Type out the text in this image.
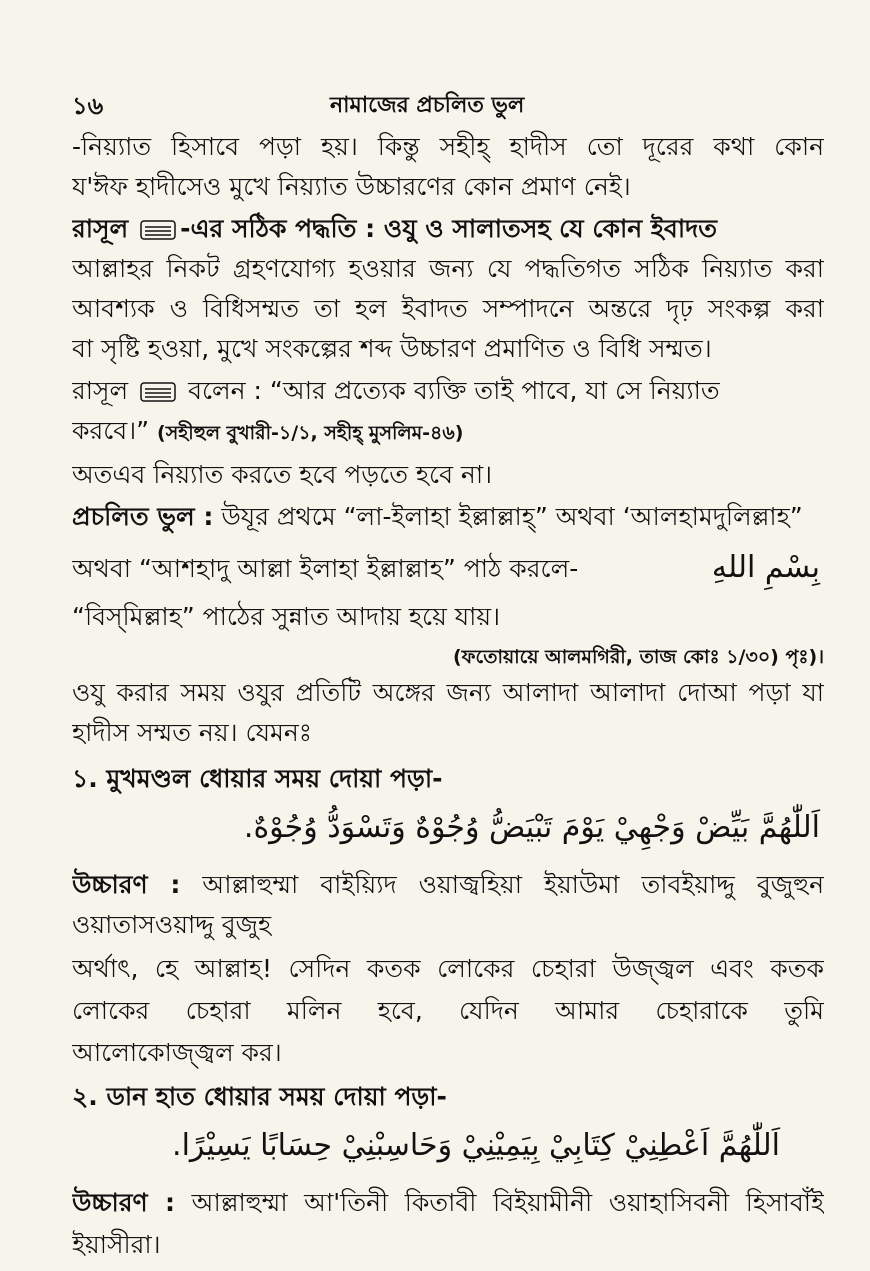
১৬	নামাজের প্রচলিত ভুল
-নিয়্যাত হিসাবে পড়া হয়। কিন্তু সহীহ্ হাদীস তো দূরের কথা কোন
য'ঈফ হাদীসেও মুখে নিয়্যাত উচ্চারণের কোন প্রমাণ নেই।
রাসূল -এর সঠিক পদ্ধতি : ওযু ও সালাতসহ যে কোন ইবাদত
আল্লাহর নিকট গ্রহণযোগ্য হওয়ার জন্য যে পদ্ধতিগত সঠিক নিয়্যাত করা
আবশ্যক ও বিধিসম্মত তা হল ইবাদত সম্পাদনে অন্তরে দৃঢ় সংকল্প করা
বা সৃষ্টি হওয়া, মুখে সংকল্পের শব্দ উচ্চারণ প্রমাণিত ও বিধি সম্মত।
রাসূল বলেন : “আর প্রত্যেক ব্যক্তি তাই পাবে, যা সে নিয়্যাত
করবে।” (সহীহুল বুখারী-১/১, সহীহ্ মুসলিম-৪৬)
অতএব নিয়্যাত করতে হবে পড়তে হবে না।
প্রচলিত ভুল : উযূর প্রথমে “লা-ইলাহা ইল্লাল্লাহ্” অথবা ‘আলহামদুলিল্লাহ”
অথবা “আশহাদু আল্লা ইলাহা ইল্লাল্লাহ” পাঠ করলে-	بِسْمِ اللهِ
“বিস্‌মিল্লাহ” পাঠের সুন্নাত আদায় হয়ে যায়।
(ফতোয়ায়ে আলমগিরী, তাজ কোঃ ১/৩০) পৃঃ)।
ওযু করার সময় ওযুর প্রতিটি অঙ্গের জন্য আলাদা আলাদা দোআ পড়া যা
হাদীস সম্মত নয়। যেমনঃ
১. মুখমণ্ডল ধোয়ার সময় দোয়া পড়া-
اَللّٰهُمَّ بَيِّضْ وَجْهِيْ يَوْمَ تَبْيَضُّ وُجُوْهٌ وَتَسْوَدُّ وُجُوْهٌ.
উচ্চারণ : আল্লাহুম্মা বাইয়্যিদ ওয়াজ্বহিয়া ইয়াউমা তাবইয়াদ্দু বুজুহুন
ওয়াতাসওয়াদ্দু বুজুহ
অর্থাৎ, হে আল্লাহ! সেদিন কতক লোকের চেহারা উজ্জ্বল এবং কতক
লোকের চেহারা মলিন হবে, যেদিন আমার চেহারাকে তুমি
আলোকোজ্জ্বল কর।
২. ডান হাত ধোয়ার সময় দোয়া পড়া-
اَللّٰهُمَّ اَعْطِنِيْ كِتَابِيْ بِيَمِيْنِيْ وَحَاسِبْنِيْ حِسَابًا يَسِيْرًا.
উচ্চারণ : আল্লাহুম্মা আ'তিনী কিতাবী বিইয়ামীনী ওয়াহাসিবনী হিসাবাঁই
ইয়াসীরা।
